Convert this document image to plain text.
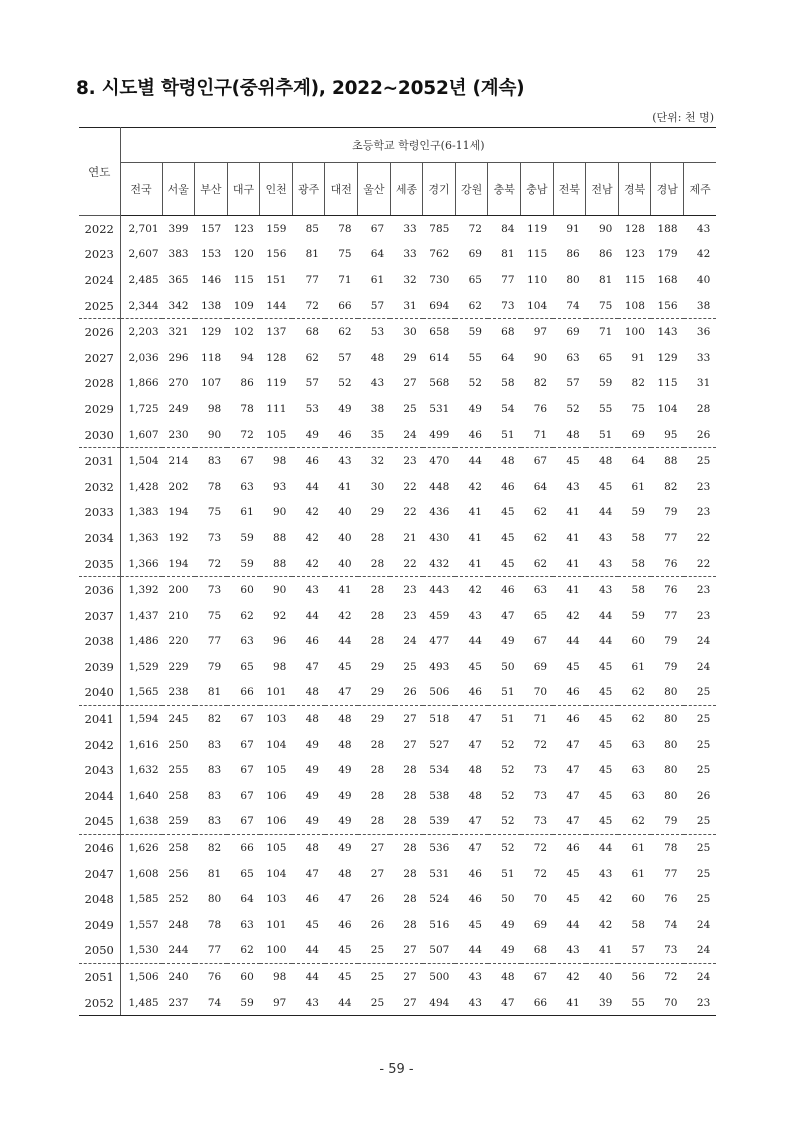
8. 시도별 학령인구(중위추계), 2022~2052년 (계속)
(단위: 천 명)
연도	초등학교 학령인구(6-11세)																	
	전국	서울	부산	대구	인천	광주	대전	울산	세종	경기	강원	충북	충남	전북	전남	경북	경남	제주
2022	2,701	399	157	123	159	85	78	67	33	785	72	84	119	91	90	128	188	43
2023	2,607	383	153	120	156	81	75	64	33	762	69	81	115	86	86	123	179	42
2024	2,485	365	146	115	151	77	71	61	32	730	65	77	110	80	81	115	168	40
2025	2,344	342	138	109	144	72	66	57	31	694	62	73	104	74	75	108	156	38
2026	2,203	321	129	102	137	68	62	53	30	658	59	68	97	69	71	100	143	36
2027	2,036	296	118	94	128	62	57	48	29	614	55	64	90	63	65	91	129	33
2028	1,866	270	107	86	119	57	52	43	27	568	52	58	82	57	59	82	115	31
2029	1,725	249	98	78	111	53	49	38	25	531	49	54	76	52	55	75	104	28
2030	1,607	230	90	72	105	49	46	35	24	499	46	51	71	48	51	69	95	26
2031	1,504	214	83	67	98	46	43	32	23	470	44	48	67	45	48	64	88	25
2032	1,428	202	78	63	93	44	41	30	22	448	42	46	64	43	45	61	82	23
2033	1,383	194	75	61	90	42	40	29	22	436	41	45	62	41	44	59	79	23
2034	1,363	192	73	59	88	42	40	28	21	430	41	45	62	41	43	58	77	22
2035	1,366	194	72	59	88	42	40	28	22	432	41	45	62	41	43	58	76	22
2036	1,392	200	73	60	90	43	41	28	23	443	42	46	63	41	43	58	76	23
2037	1,437	210	75	62	92	44	42	28	23	459	43	47	65	42	44	59	77	23
2038	1,486	220	77	63	96	46	44	28	24	477	44	49	67	44	44	60	79	24
2039	1,529	229	79	65	98	47	45	29	25	493	45	50	69	45	45	61	79	24
2040	1,565	238	81	66	101	48	47	29	26	506	46	51	70	46	45	62	80	25
2041	1,594	245	82	67	103	48	48	29	27	518	47	51	71	46	45	62	80	25
2042	1,616	250	83	67	104	49	48	28	27	527	47	52	72	47	45	63	80	25
2043	1,632	255	83	67	105	49	49	28	28	534	48	52	73	47	45	63	80	25
2044	1,640	258	83	67	106	49	49	28	28	538	48	52	73	47	45	63	80	26
2045	1,638	259	83	67	106	49	49	28	28	539	47	52	73	47	45	62	79	25
2046	1,626	258	82	66	105	48	49	27	28	536	47	52	72	46	44	61	78	25
2047	1,608	256	81	65	104	47	48	27	28	531	46	51	72	45	43	61	77	25
2048	1,585	252	80	64	103	46	47	26	28	524	46	50	70	45	42	60	76	25
2049	1,557	248	78	63	101	45	46	26	28	516	45	49	69	44	42	58	74	24
2050	1,530	244	77	62	100	44	45	25	27	507	44	49	68	43	41	57	73	24
2051	1,506	240	76	60	98	44	45	25	27	500	43	48	67	42	40	56	72	24
2052	1,485	237	74	59	97	43	44	25	27	494	43	47	66	41	39	55	70	23
- 59 -
